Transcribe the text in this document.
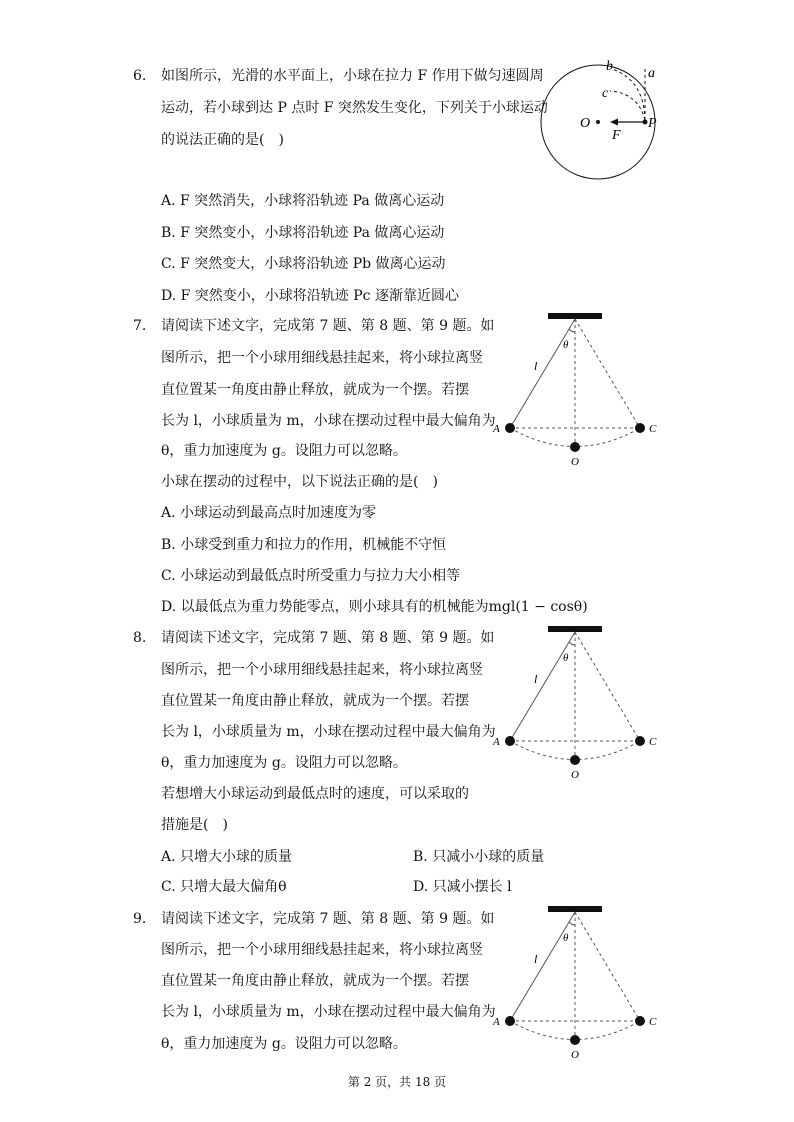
6. 如图所示，光滑的水平面上，小球在拉力 F 作用下做匀速圆周
运动，若小球到达 P 点时 F 突然发生变化，下列关于小球运动
的说法正确的是(　)
O
F
P
a
b
c
A. F 突然消失，小球将沿轨迹 Pa 做离心运动
B. F 突然变小，小球将沿轨迹 Pa 做离心运动
C. F 突然变大，小球将沿轨迹 Pb 做离心运动
D. F 突然变小，小球将沿轨迹 Pc 逐渐靠近圆心
7. 请阅读下述文字，完成第 7 题、第 8 题、第 9 题。如
图所示，把一个小球用细线悬挂起来，将小球拉离竖
直位置某一角度由静止释放，就成为一个摆。若摆
长为 l，小球质量为 m，小球在摆动过程中最大偏角为
θ，重力加速度为 g。设阻力可以忽略。
小球在摆动的过程中，以下说法正确的是(　)
θ
l
A	C
O
A. 小球运动到最高点时加速度为零
B. 小球受到重力和拉力的作用，机械能不守恒
C. 小球运动到最低点时所受重力与拉力大小相等
D. 以最低点为重力势能零点，则小球具有的机械能为mgl(1 − cosθ)
8. 请阅读下述文字，完成第 7 题、第 8 题、第 9 题。如
图所示，把一个小球用细线悬挂起来，将小球拉离竖
直位置某一角度由静止释放，就成为一个摆。若摆
长为 l，小球质量为 m，小球在摆动过程中最大偏角为
θ，重力加速度为 g。设阻力可以忽略。
若想增大小球运动到最低点时的速度，可以采取的
措施是(　)
θ
l
A	C
O
A. 只增大小球的质量	B. 只减小小球的质量
C. 只增大最大偏角θ	D. 只减小摆长 l
9. 请阅读下述文字，完成第 7 题、第 8 题、第 9 题。如
图所示，把一个小球用细线悬挂起来，将小球拉离竖
直位置某一角度由静止释放，就成为一个摆。若摆
长为 l，小球质量为 m，小球在摆动过程中最大偏角为
θ，重力加速度为 g。设阻力可以忽略。
θ
l
A	C
O
第 2 页，共 18 页
